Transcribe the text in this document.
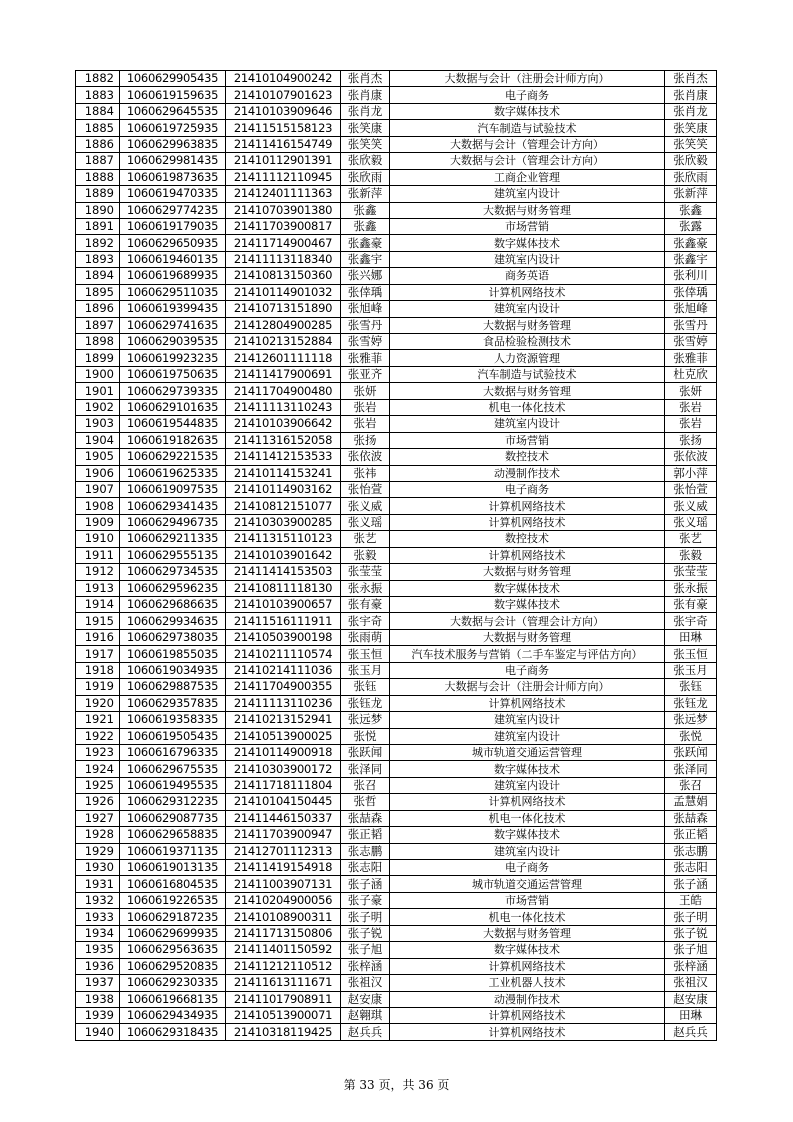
1882	1060629905435	21410104900242	张肖杰	大数据与会计（注册会计师方向）	张肖杰
1883	1060619159635	21410107901623	张肖康	电子商务	张肖康
1884	1060629645535	21410103909646	张肖龙	数字媒体技术	张肖龙
1885	1060619725935	21411515158123	张笑康	汽车制造与试验技术	张笑康
1886	1060629963835	21411416154749	张笑笑	大数据与会计（管理会计方向）	张笑笑
1887	1060629981435	21410112901391	张欣毅	大数据与会计（管理会计方向）	张欣毅
1888	1060619873635	21411112110945	张欣雨	工商企业管理	张欣雨
1889	1060619470335	21412401111363	张新萍	建筑室内设计	张新萍
1890	1060629774235	21410703901380	张鑫	大数据与财务管理	张鑫
1891	1060619179035	21411703900817	张鑫	市场营销	张露
1892	1060629650935	21411714900467	张鑫豪	数字媒体技术	张鑫豪
1893	1060619460135	21411113118340	张鑫宇	建筑室内设计	张鑫宇
1894	1060619689935	21410813150360	张兴娜	商务英语	张利川
1895	1060629511035	21410114901032	张倖瑀	计算机网络技术	张倖瑀
1896	1060619399435	21410713151890	张旭峰	建筑室内设计	张旭峰
1897	1060629741635	21412804900285	张雪丹	大数据与财务管理	张雪丹
1898	1060629039535	21410213152884	张雪婷	食品检验检测技术	张雪婷
1899	1060619923235	21412601111118	张雅菲	人力资源管理	张雅菲
1900	1060619750635	21411417900691	张亚齐	汽车制造与试验技术	杜克欣
1901	1060629739335	21411704900480	张妍	大数据与财务管理	张妍
1902	1060629101635	21411113110243	张岩	机电一体化技术	张岩
1903	1060619544835	21410103906642	张岩	建筑室内设计	张岩
1904	1060619182635	21411316152058	张扬	市场营销	张扬
1905	1060629221535	21411412153533	张依波	数控技术	张依波
1906	1060619625335	21410114153241	张祎	动漫制作技术	郭小萍
1907	1060619097535	21410114903162	张怡萱	电子商务	张怡萱
1908	1060629341435	21410812151077	张义威	计算机网络技术	张义威
1909	1060629496735	21410303900285	张义瑶	计算机网络技术	张义瑶
1910	1060629211335	21411315110123	张艺	数控技术	张艺
1911	1060629555135	21410103901642	张毅	计算机网络技术	张毅
1912	1060629734535	21411414153503	张莹莹	大数据与财务管理	张莹莹
1913	1060629596235	21410811118130	张永振	数字媒体技术	张永振
1914	1060629686635	21410103900657	张有豪	数字媒体技术	张有豪
1915	1060629934635	21411516111911	张宇奇	大数据与会计（管理会计方向）	张宇奇
1916	1060629738035	21410503900198	张雨萌	大数据与财务管理	田琳
1917	1060619855035	21410211110574	张玉恒	汽车技术服务与营销（二手车鉴定与评估方向）	张玉恒
1918	1060619034935	21410214111036	张玉月	电子商务	张玉月
1919	1060629887535	21411704900355	张钰	大数据与会计（注册会计师方向）	张钰
1920	1060629357835	21411113110236	张钰龙	计算机网络技术	张钰龙
1921	1060619358335	21410213152941	张远梦	建筑室内设计	张远梦
1922	1060619505435	21410513900025	张悦	建筑室内设计	张悦
1923	1060616796335	21410114900918	张跃闻	城市轨道交通运营管理	张跃闻
1924	1060629675535	21410303900172	张泽同	数字媒体技术	张泽同
1925	1060619495535	21411718111804	张召	建筑室内设计	张召
1926	1060629312235	21410104150445	张哲	计算机网络技术	孟慧娟
1927	1060629087735	21411446150337	张喆森	机电一体化技术	张喆森
1928	1060629658835	21411703900947	张正韬	数字媒体技术	张正韬
1929	1060619371135	21412701112313	张志鹏	建筑室内设计	张志鹏
1930	1060619013135	21411419154918	张志阳	电子商务	张志阳
1931	1060616804535	21411003907131	张子涵	城市轨道交通运营管理	张子涵
1932	1060619226535	21410204900056	张子豪	市场营销	王皓
1933	1060629187235	21410108900311	张子明	机电一体化技术	张子明
1934	1060629699935	21411713150806	张子锐	大数据与财务管理	张子锐
1935	1060629563635	21411401150592	张子旭	数字媒体技术	张子旭
1936	1060629520835	21411212110512	张梓涵	计算机网络技术	张梓涵
1937	1060629230335	21411613111671	张祖汉	工业机器人技术	张祖汉
1938	1060619668135	21411017908911	赵安康	动漫制作技术	赵安康
1939	1060629434935	21410513900071	赵翱琪	计算机网络技术	田琳
1940	1060629318435	21410318119425	赵兵兵	计算机网络技术	赵兵兵
第 33 页，共 36 页
